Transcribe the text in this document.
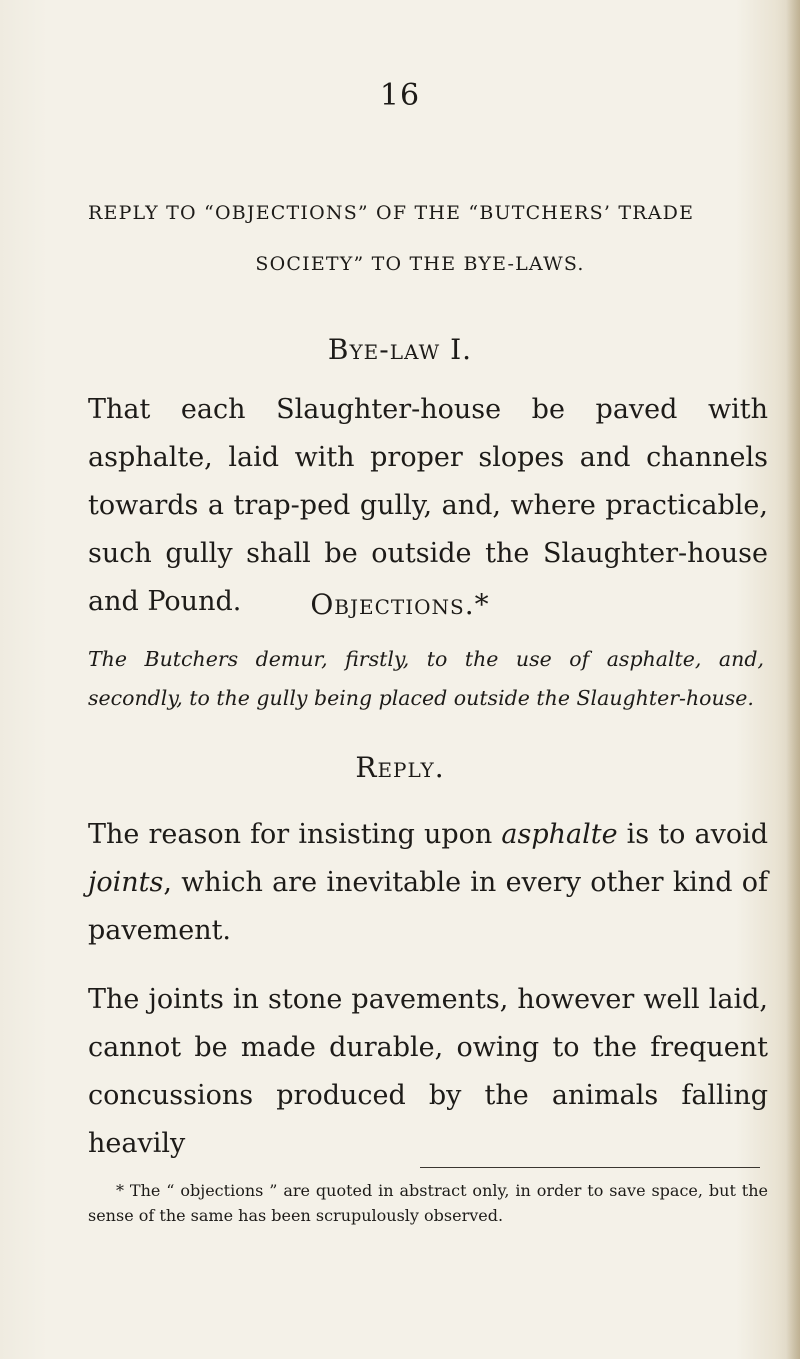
16
REPLY TO “OBJECTIONS” OF THE “BUTCHERS’ TRADE
SOCIETY” TO THE BYE-LAWS.
Bye-law I.
That each Slaughter-house be paved with asphalte, laid with proper slopes and channels towards a trap-ped gully, and, where practicable, such gully shall be outside the Slaughter-house and Pound.	Objections.*
The Butchers demur, firstly, to the use of asphalte, and, secondly, to the gully being placed outside the Slaughter-house.
Reply.
The reason for insisting upon asphalte is to avoid joints, which are inevitable in every other kind of pavement.
The joints in stone pavements, however well laid, cannot be made durable, owing to the frequent concussions produced by the animals falling heavily
* The “ objections ” are quoted in abstract only, in order to save space, but the sense of the same has been scrupulously observed.
